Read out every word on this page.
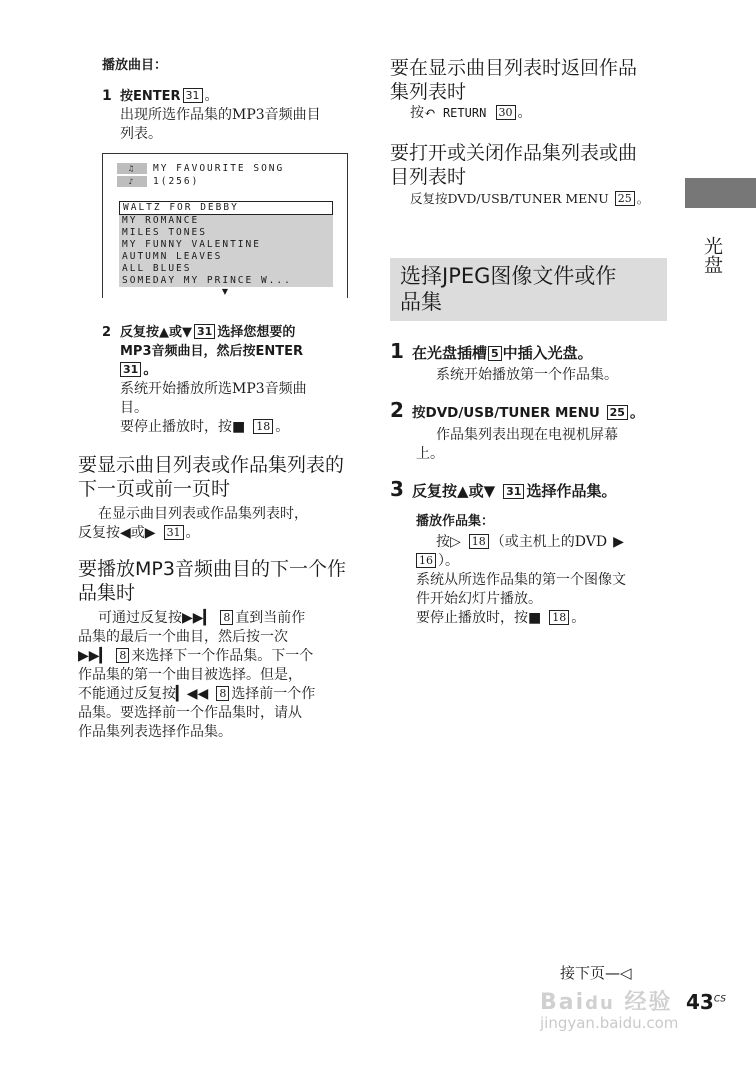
播放曲目：
1 按ENTER 31 。
出现所选作品集的MP3音频曲目
列表。
♫ MY FAVOURITE SONG
♪ 1(256)
WALTZ FOR DEBBY
MY ROMANCE
MILES TONES
MY FUNNY VALENTINE
AUTUMN LEAVES
ALL BLUES
SOMEDAY MY PRINCE W...
▼
2 反复按▲或▼ 31 选择您想要的
MP3音频曲目，然后按ENTER
31 。
系统开始播放所选MP3音频曲
目。
要停止播放时，按■ 18 。
要显示曲目列表或作品集列表的
下一页或前一页时
在显示曲目列表或作品集列表时，
反复按◀或▶ 31 。
要播放MP3音频曲目的下一个作
品集时
可通过反复按▶▶▎ 8 直到当前作
品集的最后一个曲目，然后按一次
▶▶▎ 8 来选择下一个作品集。下一个
作品集的第一个曲目被选择。但是，
不能通过反复按▎◀◀ 8 选择前一个作
品集。要选择前一个作品集时，请从
作品集列表选择作品集。
要在显示曲目列表时返回作品
集列表时
按↶ RETURN 30 。
要打开或关闭作品集列表或曲
目列表时
反复按DVD/USB/TUNER MENU 25 。
选择JPEG图像文件或作
品集
1 在光盘插槽 5 中插入光盘。
系统开始播放第一个作品集。
2 按DVD/USB/TUNER MENU 25 。
作品集列表出现在电视机屏幕
上。
3 反复按▲或▼ 31 选择作品集。
播放作品集：
按▷ 18 （或主机上的DVD ▶
16 ）。
系统从所选作品集的第一个图像文
件开始幻灯片播放。
要停止播放时，按■ 18 。
光盘
接下页—◁
$43^{CS}$
Baidu 经验
jingyan.baidu.com
